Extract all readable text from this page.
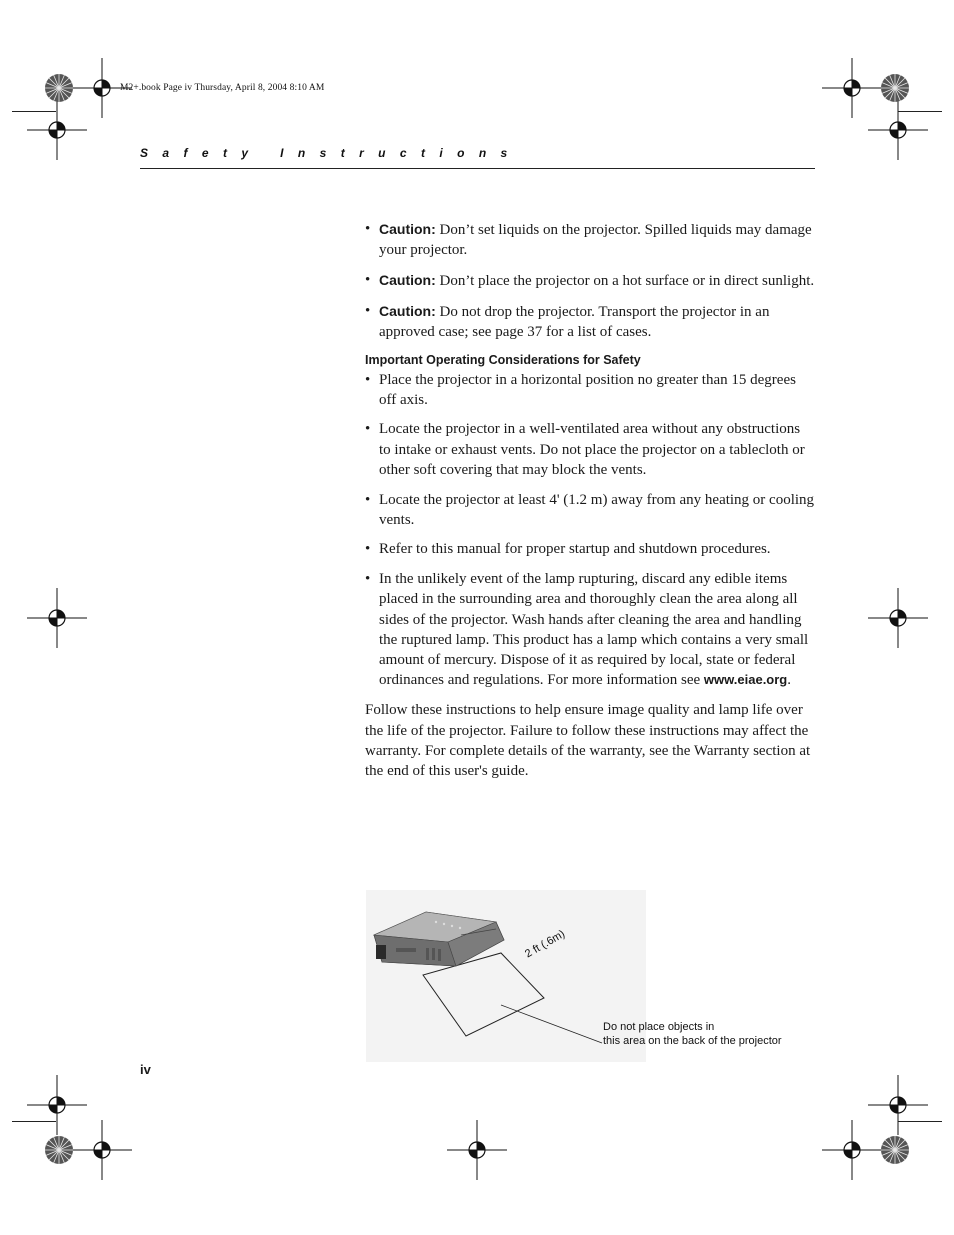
M2+.book Page iv Thursday, April 8, 2004 8:10 AM
Safety Instructions
• Caution: Don’t set liquids on the projector. Spilled liquids may damage your projector.
• Caution: Don’t place the projector on a hot surface or in direct sunlight.
• Caution: Do not drop the projector. Transport the projector in an approved case; see page 37 for a list of cases.
Important Operating Considerations for Safety
• Place the projector in a horizontal position no greater than 15 degrees off axis.
• Locate the projector in a well-ventilated area without any obstructions to intake or exhaust vents. Do not place the projector on a tablecloth or other soft covering that may block the vents.
• Locate the projector at least 4' (1.2 m) away from any heating or cooling vents.
• Refer to this manual for proper startup and shutdown procedures.
• In the unlikely event of the lamp rupturing, discard any edible items placed in the surrounding area and thoroughly clean the area along all sides of the projector. Wash hands after cleaning the area and handling the ruptured lamp. This product has a lamp which contains a very small amount of mercury. Dispose of it as required by local, state or federal ordinances and regulations. For more information see www.eiae.org.

Follow these instructions to help ensure image quality and lamp life over the life of the projector. Failure to follow these instructions may affect the warranty. For complete details of the warranty, see the Warranty section at the end of this user's guide.

2 ft (.6m)
Do not place objects in
this area on the back of the projector
iv
